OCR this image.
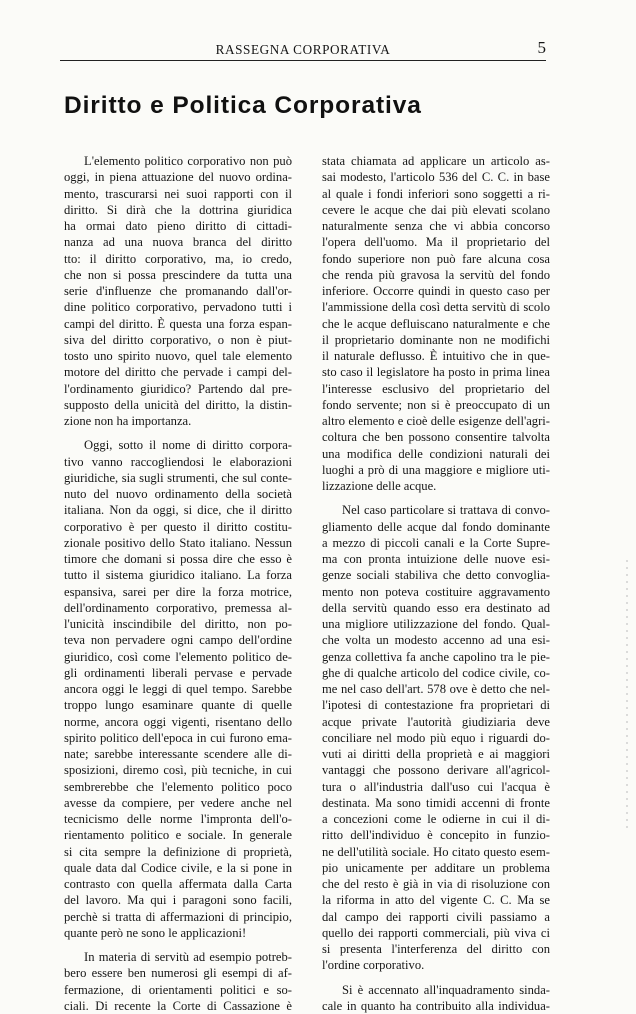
RASSEGNA CORPORATIVA	5
Diritto e Politica Corporativa
L'elemento politico corporativo non può
oggi, in piena attuazione del nuovo ordina-
mento, trascurarsi nei suoi rapporti con il
diritto. Si dirà che la dottrina giuridica
ha ormai dato pieno diritto di cittadi-
nanza ad una nuova branca del diritto
tto: il diritto corporativo, ma, io credo,
che non si possa prescindere da tutta una
serie d'influenze che promanando dall'or-
dine politico corporativo, pervadono tutti i
campi del diritto. È questa una forza espan-
siva del diritto corporativo, o non è piut-
tosto uno spirito nuovo, quel tale elemento
motore del diritto che pervade i campi del-
l'ordinamento giuridico? Partendo dal pre-
supposto della unicità del diritto, la distin-
zione non ha importanza.
Oggi, sotto il nome di diritto corpora-
tivo vanno raccogliendosi le elaborazioni
giuridiche, sia sugli strumenti, che sul conte-
nuto del nuovo ordinamento della società
italiana. Non da oggi, si dice, che il diritto
corporativo è per questo il diritto costitu-
zionale positivo dello Stato italiano. Nessun
timore che domani si possa dire che esso è
tutto il sistema giuridico italiano. La forza
espansiva, sarei per dire la forza motrice,
dell'ordinamento corporativo, premessa al-
l'unicità inscindibile del diritto, non po-
teva non pervadere ogni campo dell'ordine
giuridico, così come l'elemento politico de-
gli ordinamenti liberali pervase e pervade
ancora oggi le leggi di quel tempo. Sarebbe
troppo lungo esaminare quante di quelle
norme, ancora oggi vigenti, risentano dello
spirito politico dell'epoca in cui furono ema-
nate; sarebbe interessante scendere alle di-
sposizioni, diremo così, più tecniche, in cui
sembrerebbe che l'elemento politico poco
avesse da compiere, per vedere anche nel
tecnicismo delle norme l'impronta dell'o-
rientamento politico e sociale. In generale
si cita sempre la definizione di proprietà,
quale data dal Codice civile, e la si pone in
contrasto con quella affermata dalla Carta
del lavoro. Ma qui i paragoni sono facili,
perchè si tratta di affermazioni di principio,
quante però ne sono le applicazioni!
In materia di servitù ad esempio potreb-
bero essere ben numerosi gli esempi di af-
fermazione, di orientamenti politici e so-
ciali. Di recente la Corte di Cassazione è
stata chiamata ad applicare un articolo as-
sai modesto, l'articolo 536 del C. C. in base
al quale i fondi inferiori sono soggetti a ri-
cevere le acque che dai più elevati scolano
naturalmente senza che vi abbia concorso
l'opera dell'uomo. Ma il proprietario del
fondo superiore non può fare alcuna cosa
che renda più gravosa la servitù del fondo
inferiore. Occorre quindi in questo caso per
l'ammissione della così detta servitù di scolo
che le acque defluiscano naturalmente e che
il proprietario dominante non ne modifichi
il naturale deflusso. È intuitivo che in que-
sto caso il legislatore ha posto in prima linea
l'interesse esclusivo del proprietario del
fondo servente; non si è preoccupato di un
altro elemento e cioè delle esigenze dell'agri-
coltura che ben possono consentire talvolta
una modifica delle condizioni naturali dei
luoghi a prò di una maggiore e migliore uti-
lizzazione delle acque.
Nel caso particolare si trattava di convo-
gliamento delle acque dal fondo dominante
a mezzo di piccoli canali e la Corte Supre-
ma con pronta intuizione delle nuove esi-
genze sociali stabiliva che detto convoglia-
mento non poteva costituire aggravamento
della servitù quando esso era destinato ad
una migliore utilizzazione del fondo. Qual-
che volta un modesto accenno ad una esi-
genza collettiva fa anche capolino tra le pie-
ghe di qualche articolo del codice civile, co-
me nel caso dell'art. 578 ove è detto che nel-
l'ipotesi di contestazione fra proprietari di
acque private l'autorità giudiziaria deve
conciliare nel modo più equo i riguardi do-
vuti ai diritti della proprietà e ai maggiori
vantaggi che possono derivare all'agricol-
tura o all'industria dall'uso cui l'acqua è
destinata. Ma sono timidi accenni di fronte
a concezioni come le odierne in cui il di-
ritto dell'individuo è concepito in funzio-
ne dell'utilità sociale. Ho citato questo esem-
pio unicamente per additare un problema
che del resto è già in via di risoluzione con
la riforma in atto del vigente C. C. Ma se
dal campo dei rapporti civili passiamo a
quello dei rapporti commerciali, più viva ci
si presenta l'interferenza del diritto con
l'ordine corporativo.
Si è accennato all'inquadramento sinda-
cale in quanto ha contribuito alla individua-
